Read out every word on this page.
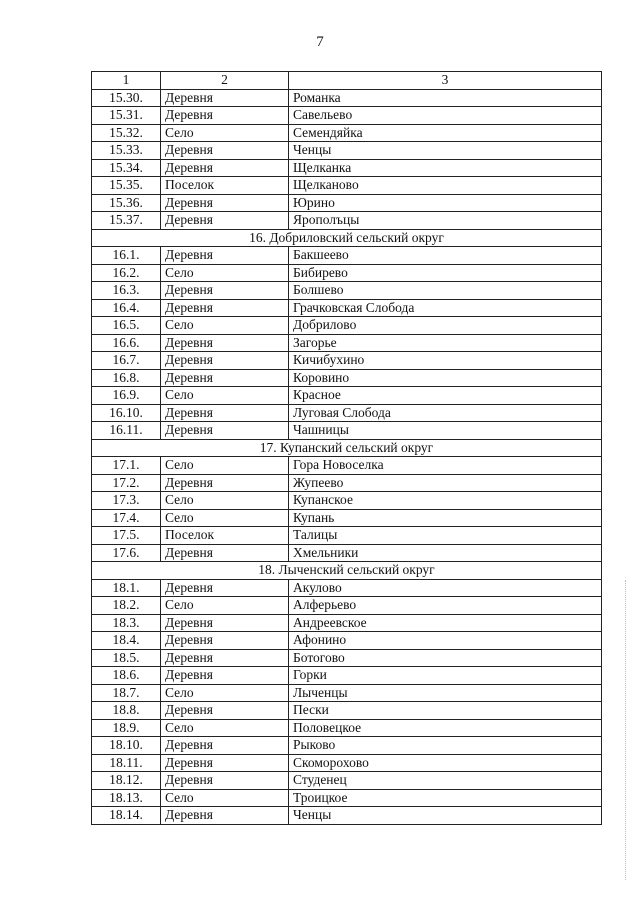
7
1	2	3
15.30.	Деревня	Романка
15.31.	Деревня	Савельево
15.32.	Село	Семендяйка
15.33.	Деревня	Ченцы
15.34.	Деревня	Щелканка
15.35.	Поселок	Щелканово
15.36.	Деревня	Юрино
15.37.	Деревня	Ярополъцы
16. Добриловский сельский округ		
16.1.	Деревня	Бакшеево
16.2.	Село	Бибирево
16.3.	Деревня	Болшево
16.4.	Деревня	Грачковская Слобода
16.5.	Село	Добрилово
16.6.	Деревня	Загорье
16.7.	Деревня	Кичибухино
16.8.	Деревня	Коровино
16.9.	Село	Красное
16.10.	Деревня	Луговая Слобода
16.11.	Деревня	Чашницы
17. Купанский сельский округ		
17.1.	Село	Гора Новоселка
17.2.	Деревня	Жупеево
17.3.	Село	Купанское
17.4.	Село	Купань
17.5.	Поселок	Талицы
17.6.	Деревня	Хмельники
18. Лыченский сельский округ		
18.1.	Деревня	Акулово
18.2.	Село	Алферьево
18.3.	Деревня	Андреевское
18.4.	Деревня	Афонино
18.5.	Деревня	Ботогово
18.6.	Деревня	Горки
18.7.	Село	Лыченцы
18.8.	Деревня	Пески
18.9.	Село	Половецкое
18.10.	Деревня	Рыково
18.11.	Деревня	Скоморохово
18.12.	Деревня	Студенец
18.13.	Село	Троицкое
18.14.	Деревня	Ченцы
